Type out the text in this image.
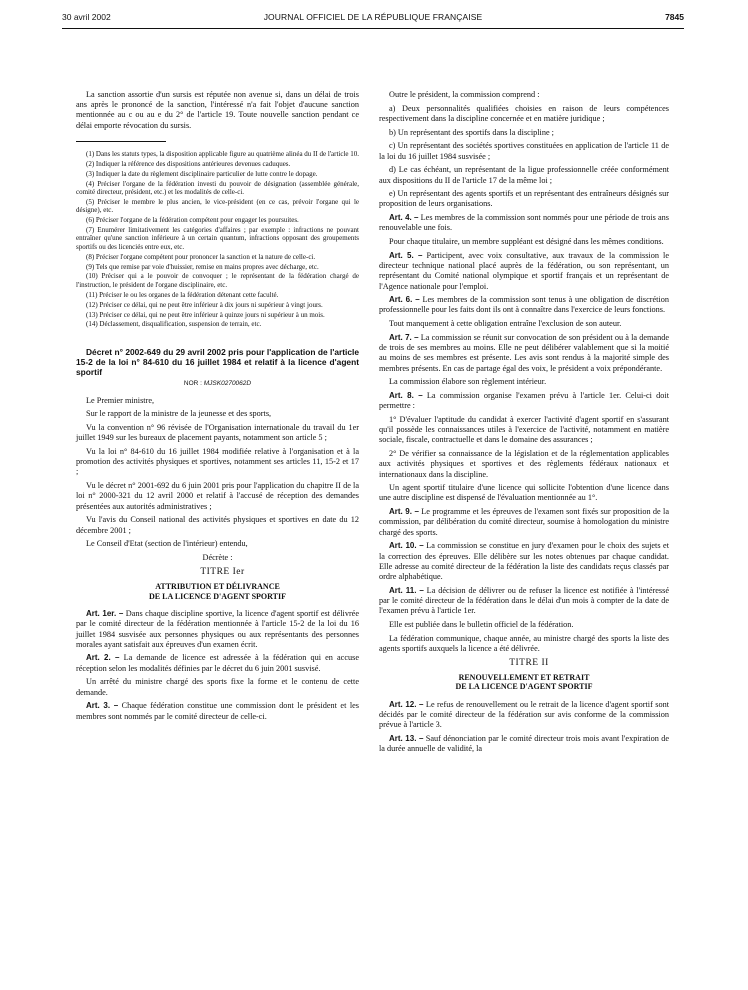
30 avril 2002	JOURNAL OFFICIEL DE LA RÉPUBLIQUE FRANÇAISE	7845

La sanction assortie d'un sursis est réputée non avenue si, dans un délai de trois ans après le prononcé de la sanction, l'intéressé n'a fait l'objet d'aucune sanction mentionnée au c ou au e du 2° de l'article 19. Toute nouvelle sanction pendant ce délai emporte révocation du sursis.

(1) Dans les statuts types, la disposition applicable figure au quatrième alinéa du II de l'article 10.

(2) Indiquer la référence des dispositions antérieures devenues caduques.

(3) Indiquer la date du règlement disciplinaire particulier de lutte contre le dopage.

(4) Préciser l'organe de la fédération investi du pouvoir de désignation (assemblée générale, comité directeur, président, etc.) et les modalités de celle-ci.

(5) Préciser le membre le plus ancien, le vice-président (en ce cas, prévoir l'organe qui le désigne), etc.

(6) Préciser l'organe de la fédération compétent pour engager les poursuites.

(7) Enumérer limitativement les catégories d'affaires ; par exemple : infractions ne pouvant entraîner qu'une sanction inférieure à un certain quantum, infractions opposant des groupements sportifs ou des licenciés entre eux, etc.

(8) Préciser l'organe compétent pour prononcer la sanction et la nature de celle-ci.

(9) Tels que remise par voie d'huissier, remise en mains propres avec décharge, etc.

(10) Préciser qui a le pouvoir de convoquer ; le représentant de la fédération chargé de l'instruction, le président de l'organe disciplinaire, etc.

(11) Préciser le ou les organes de la fédération détenant cette faculté.

(12) Préciser ce délai, qui ne peut être inférieur à dix jours ni supérieur à vingt jours.

(13) Préciser ce délai, qui ne peut être inférieur à quinze jours ni supérieur à un mois.

(14) Déclassement, disqualification, suspension de terrain, etc.

Décret n° 2002-649 du 29 avril 2002 pris pour l'application de l'article 15-2 de la loi n° 84-610 du 16 juillet 1984 et relatif à la licence d'agent sportif
NOR : MJSK0270062D

Le Premier ministre,

Sur le rapport de la ministre de la jeunesse et des sports,

Vu la convention n° 96 révisée de l'Organisation internationale du travail du 1er juillet 1949 sur les bureaux de placement payants, notamment son article 5 ;

Vu la loi n° 84-610 du 16 juillet 1984 modifiée relative à l'organisation et à la promotion des activités physiques et sportives, notamment ses articles 11, 15-2 et 17 ;

Vu le décret n° 2001-692 du 6 juin 2001 pris pour l'application du chapitre II de la loi n° 2000-321 du 12 avril 2000 et relatif à l'accusé de réception des demandes présentées aux autorités administratives ;

Vu l'avis du Conseil national des activités physiques et sportives en date du 12 décembre 2001 ;

Le Conseil d'Etat (section de l'intérieur) entendu,

Décrète :

TITRE Ier

ATTRIBUTION ET DÉLIVRANCE
DE LA LICENCE D'AGENT SPORTIF

Art. 1er. – Dans chaque discipline sportive, la licence d'agent sportif est délivrée par le comité directeur de la fédération mentionnée à l'article 15-2 de la loi du 16 juillet 1984 susvisée aux personnes physiques ou aux représentants des personnes morales ayant satisfait aux épreuves d'un examen écrit.

Art. 2. – La demande de licence est adressée à la fédération qui en accuse réception selon les modalités définies par le décret du 6 juin 2001 susvisé.

Un arrêté du ministre chargé des sports fixe la forme et le contenu de cette demande.

Art. 3. – Chaque fédération constitue une commission dont le président et les membres sont nommés par le comité directeur de celle-ci.

Outre le président, la commission comprend :

a) Deux personnalités qualifiées choisies en raison de leurs compétences respectivement dans la discipline concernée et en matière juridique ;

b) Un représentant des sportifs dans la discipline ;

c) Un représentant des sociétés sportives constituées en application de l'article 11 de la loi du 16 juillet 1984 susvisée ;

d) Le cas échéant, un représentant de la ligue professionnelle créée conformément aux dispositions du II de l'article 17 de la même loi ;

e) Un représentant des agents sportifs et un représentant des entraîneurs désignés sur proposition de leurs organisations.

Art. 4. – Les membres de la commission sont nommés pour une période de trois ans renouvelable une fois.

Pour chaque titulaire, un membre suppléant est désigné dans les mêmes conditions.

Art. 5. – Participent, avec voix consultative, aux travaux de la commission le directeur technique national placé auprès de la fédération, ou son représentant, un représentant du Comité national olympique et sportif français et un représentant de l'Agence nationale pour l'emploi.

Art. 6. – Les membres de la commission sont tenus à une obligation de discrétion professionnelle pour les faits dont ils ont à connaître dans l'exercice de leurs fonctions.

Tout manquement à cette obligation entraîne l'exclusion de son auteur.

Art. 7. – La commission se réunit sur convocation de son président ou à la demande de trois de ses membres au moins. Elle ne peut délibérer valablement que si la moitié au moins de ses membres est présente. Les avis sont rendus à la majorité simple des membres présents. En cas de partage égal des voix, le président a voix prépondérante.

La commission élabore son règlement intérieur.

Art. 8. – La commission organise l'examen prévu à l'article 1er. Celui-ci doit permettre :

1° D'évaluer l'aptitude du candidat à exercer l'activité d'agent sportif en s'assurant qu'il possède les connaissances utiles à l'exercice de l'activité, notamment en matière sociale, fiscale, contractuelle et dans le domaine des assurances ;

2° De vérifier sa connaissance de la législation et de la réglementation applicables aux activités physiques et sportives et des règlements fédéraux nationaux et internationaux dans la discipline.

Un agent sportif titulaire d'une licence qui sollicite l'obtention d'une licence dans une autre discipline est dispensé de l'évaluation mentionnée au 1°.

Art. 9. – Le programme et les épreuves de l'examen sont fixés sur proposition de la commission, par délibération du comité directeur, soumise à homologation du ministre chargé des sports.

Art. 10. – La commission se constitue en jury d'examen pour le choix des sujets et la correction des épreuves. Elle délibère sur les notes obtenues par chaque candidat. Elle adresse au comité directeur de la fédération la liste des candidats reçus classés par ordre alphabétique.

Art. 11. – La décision de délivrer ou de refuser la licence est notifiée à l'intéressé par le comité directeur de la fédération dans le délai d'un mois à compter de la date de l'examen prévu à l'article 1er.

Elle est publiée dans le bulletin officiel de la fédération.

La fédération communique, chaque année, au ministre chargé des sports la liste des agents sportifs auxquels la licence a été délivrée.

TITRE II

RENOUVELLEMENT ET RETRAIT
DE LA LICENCE D'AGENT SPORTIF

Art. 12. – Le refus de renouvellement ou le retrait de la licence d'agent sportif sont décidés par le comité directeur de la fédération sur avis conforme de la commission prévue à l'article 3.

Art. 13. – Sauf dénonciation par le comité directeur trois mois avant l'expiration de la durée annuelle de validité, la
